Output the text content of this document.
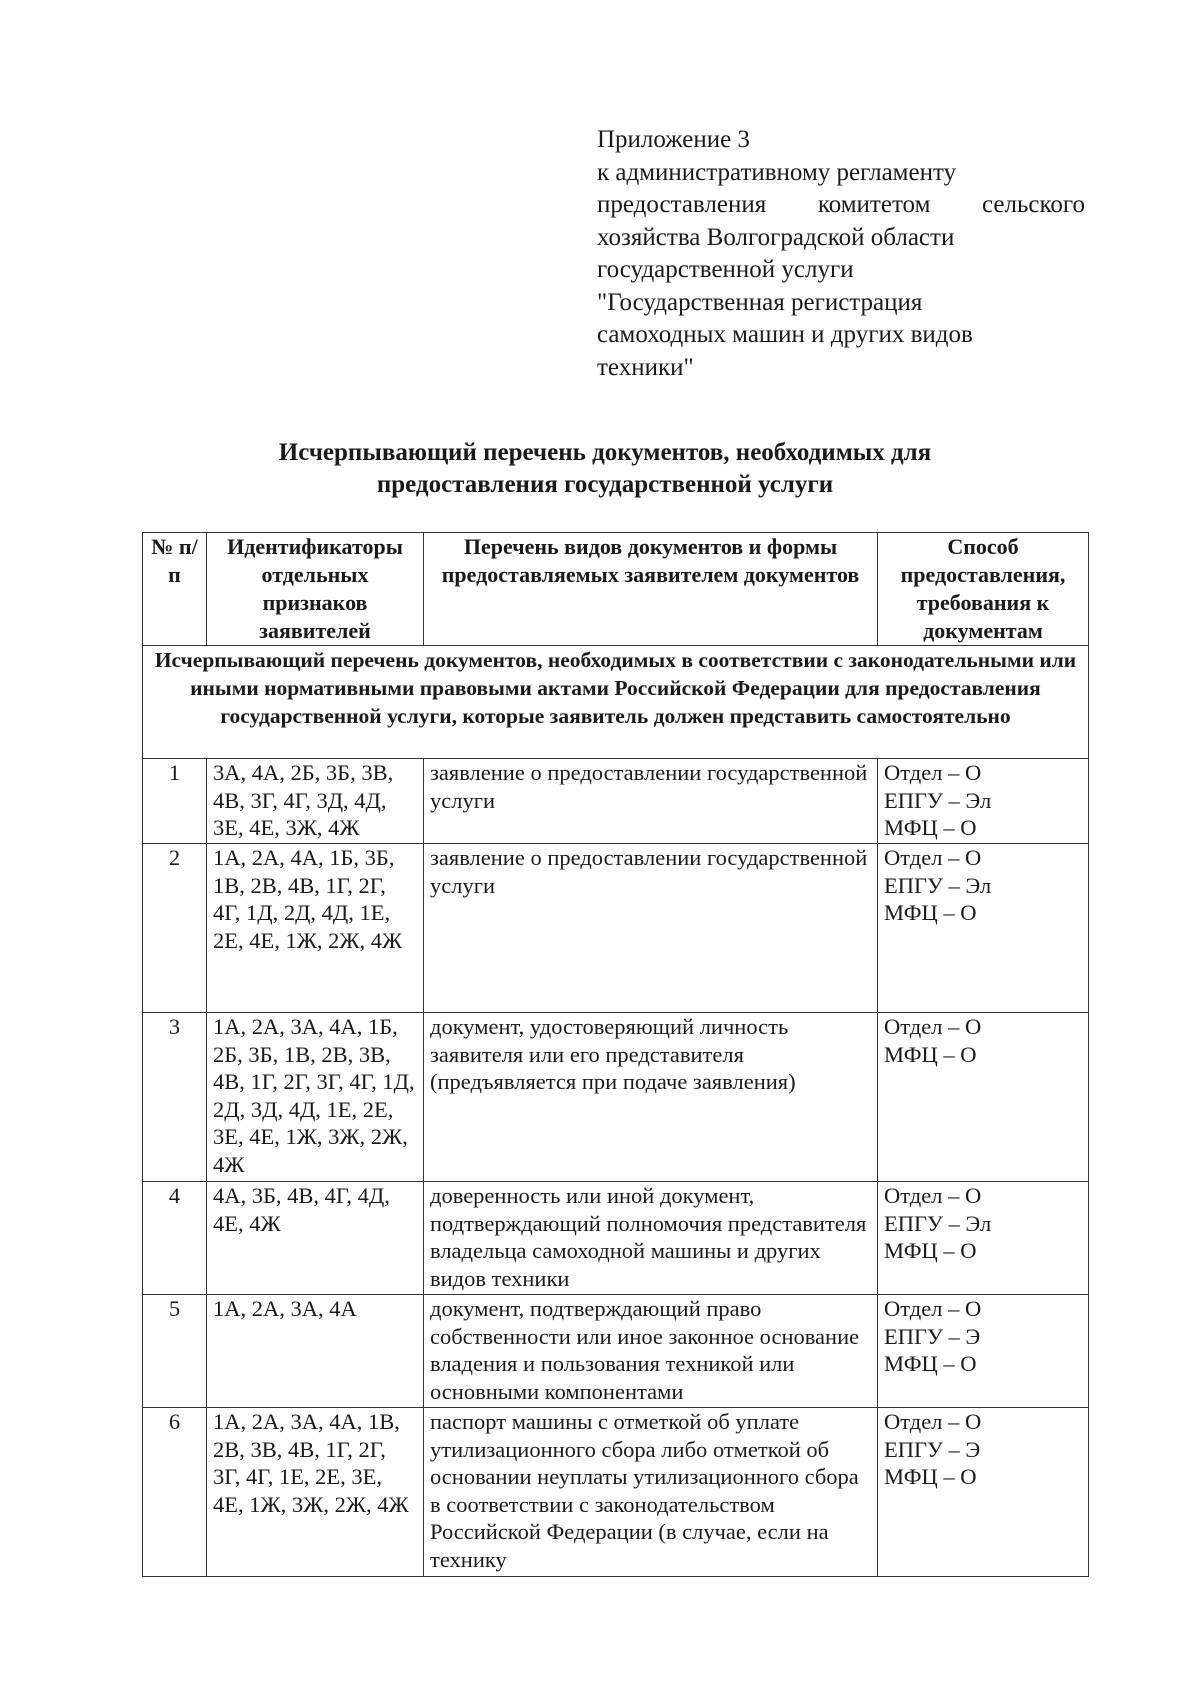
Приложение 3
к административному регламенту
предоставления комитетом сельского
хозяйства Волгоградской области
государственной услуги
"Государственная регистрация
самоходных машин и других видов
техники"
Исчерпывающий перечень документов, необходимых для
предоставления государственной услуги
№ п/п	Идентификаторы отдельных признаков заявителей	Перечень видов документов и формы предоставляемых заявителем документов	Способ предоставления, требования к документам
Исчерпывающий перечень документов, необходимых в соответствии с законодательными или иными нормативными правовыми актами Российской Федерации для предоставления государственной услуги, которые заявитель должен представить самостоятельно			
1	3А, 4А, 2Б, 3Б, 3В, 4В, 3Г, 4Г, 3Д, 4Д, 3Е, 4Е, 3Ж, 4Ж	заявление о предоставлении государственной услуги	Отдел – О
ЕПГУ – Эл
МФЦ – О

2	1А, 2А, 4А, 1Б, 3Б, 1В, 2В, 4В, 1Г, 2Г, 4Г, 1Д, 2Д, 4Д, 1Е, 2Е, 4Е, 1Ж, 2Ж, 4Ж	заявление о предоставлении государственной услуги	Отдел – О
ЕПГУ – Эл
МФЦ – О

3	1А, 2А, 3А, 4А, 1Б, 2Б, 3Б, 1В, 2В, 3В, 4В, 1Г, 2Г, 3Г, 4Г, 1Д, 2Д, 3Д, 4Д, 1Е, 2Е, 3Е, 4Е, 1Ж, 3Ж, 2Ж, 4Ж	документ, удостоверяющий личность заявителя или его представителя (предъявляется при подаче заявления)	Отдел – О
МФЦ – О

4	4А, 3Б, 4В, 4Г, 4Д, 4Е, 4Ж	доверенность или иной документ, подтверждающий полномочия представителя владельца самоходной машины и других видов техники	Отдел – О
ЕПГУ – Эл
МФЦ – О

5	1А, 2А, 3А, 4А	документ, подтверждающий право собственности или иное законное основание владения и пользования техникой или основными компонентами	Отдел – О
ЕПГУ – Э
МФЦ – О

6	1А, 2А, 3А, 4А, 1В, 2В, 3В, 4В, 1Г, 2Г, 3Г, 4Г, 1Е, 2Е, 3Е, 4Е, 1Ж, 3Ж, 2Ж, 4Ж	паспорт машины с отметкой об уплате утилизационного сбора либо отметкой об основании неуплаты утилизационного сбора в соответствии с законодательством Российской Федерации (в случае, если на технику	Отдел – О
ЕПГУ – Э
МФЦ – О
